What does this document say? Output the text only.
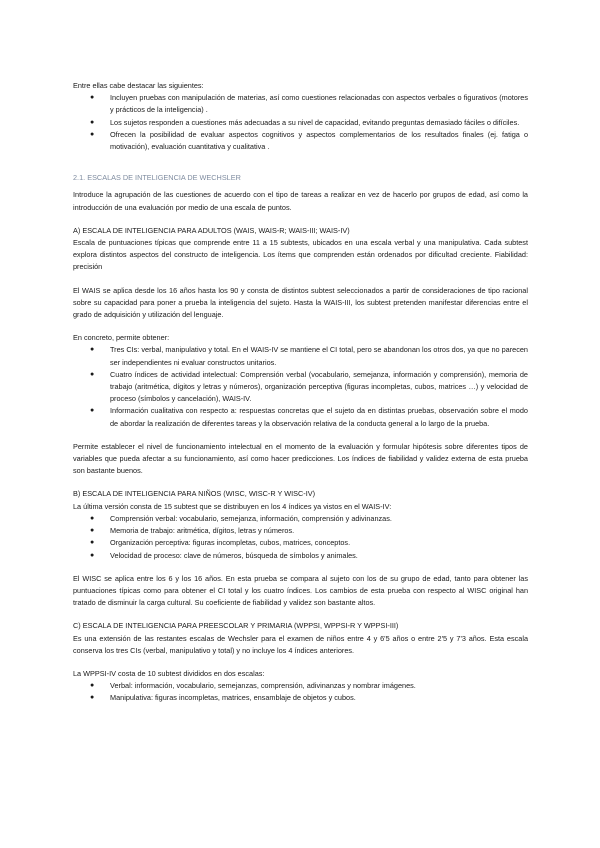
Entre ellas cabe destacar las siguientes:

● Incluyen pruebas con manipulación de materias, así como cuestiones relacionadas con aspectos verbales o figurativos (motores y prácticos de la inteligencia) .
● Los sujetos responden a cuestiones más adecuadas a su nivel de capacidad, evitando preguntas demasiado fáciles o difíciles.
● Ofrecen la posibilidad de evaluar aspectos cognitivos y aspectos complementarios de los resultados finales (ej. fatiga o motivación), evaluación cuantitativa y cualitativa .

2.1. ESCALAS DE INTELIGENCIA DE WECHSLER

Introduce la agrupación de las cuestiones de acuerdo con el tipo de tareas a realizar en vez de hacerlo por grupos de edad, así como la introducción de una evaluación por medio de una escala de puntos.

A) ESCALA DE INTELIGENCIA PARA ADULTOS (WAIS, WAIS-R; WAIS-III; WAIS-IV)

Escala de puntuaciones típicas que comprende entre 11 a 15 subtests, ubicados en una escala verbal y una manipulativa. Cada subtest explora distintos aspectos del constructo de inteligencia. Los ítems que comprenden están ordenados por dificultad creciente. Fiabilidad: precisión

El WAIS se aplica desde los 16 años hasta los 90 y consta de distintos subtest seleccionados a partir de consideraciones de tipo racional sobre su capacidad para poner a prueba la inteligencia del sujeto. Hasta la WAIS-III, los subtest pretenden manifestar diferencias entre el grado de adquisición y utilización del lenguaje.

En concreto, permite obtener:

● Tres CIs: verbal, manipulativo y total. En el WAIS-IV se mantiene el CI total, pero se abandonan los otros dos, ya que no parecen ser independientes ni evaluar constructos unitarios.
● Cuatro índices de actividad intelectual: Comprensión verbal (vocabulario, semejanza, información y comprensión), memoria de trabajo (aritmética, dígitos y letras y números), organización perceptiva (figuras incompletas, cubos, matrices …) y velocidad de proceso (símbolos y cancelación), WAIS-IV.
● Información cualitativa con respecto a: respuestas concretas que el sujeto da en distintas pruebas, observación sobre el modo de abordar la realización de diferentes tareas y la observación relativa de la conducta general a lo largo de la prueba.

Permite establecer el nivel de funcionamiento intelectual en el momento de la evaluación y formular hipótesis sobre diferentes tipos de variables que pueda afectar a su funcionamiento, así como hacer predicciones. Los índices de fiabilidad y validez externa de esta prueba son bastante buenos.

B) ESCALA DE INTELIGENCIA PARA NIÑOS (WISC, WISC-R Y WISC-IV)

La última versión consta de 15 subtest que se distribuyen en los 4 índices ya vistos en el WAIS-IV:

● Comprensión verbal: vocabulario, semejanza, información, comprensión y adivinanzas.
● Memoria de trabajo: aritmética, dígitos, letras y números.
● Organización perceptiva: figuras incompletas, cubos, matrices, conceptos.
● Velocidad de proceso: clave de números, búsqueda de símbolos y animales.

El WISC se aplica entre los 6 y los 16 años. En esta prueba se compara al sujeto con los de su grupo de edad, tanto para obtener las puntuaciones típicas como para obtener el CI total y los cuatro índices. Los cambios de esta prueba con respecto al WISC original han tratado de disminuir la carga cultural. Su coeficiente de fiabilidad y validez son bastante altos.

C) ESCALA DE INTELIGENCIA PARA PREESCOLAR Y PRIMARIA (WPPSI, WPPSI-R Y WPPSI-III)

Es una extensión de las restantes escalas de Wechsler para el examen de niños entre 4 y 6'5 años o entre 2'5 y 7'3 años. Esta escala conserva los tres CIs (verbal, manipulativo y total) y no incluye los 4 índices anteriores.

La WPPSI-IV costa de 10 subtest divididos en dos escalas:

● Verbal: información, vocabulario, semejanzas, comprensión, adivinanzas y nombrar imágenes.
● Manipulativa: figuras incompletas, matrices, ensamblaje de objetos y cubos.
